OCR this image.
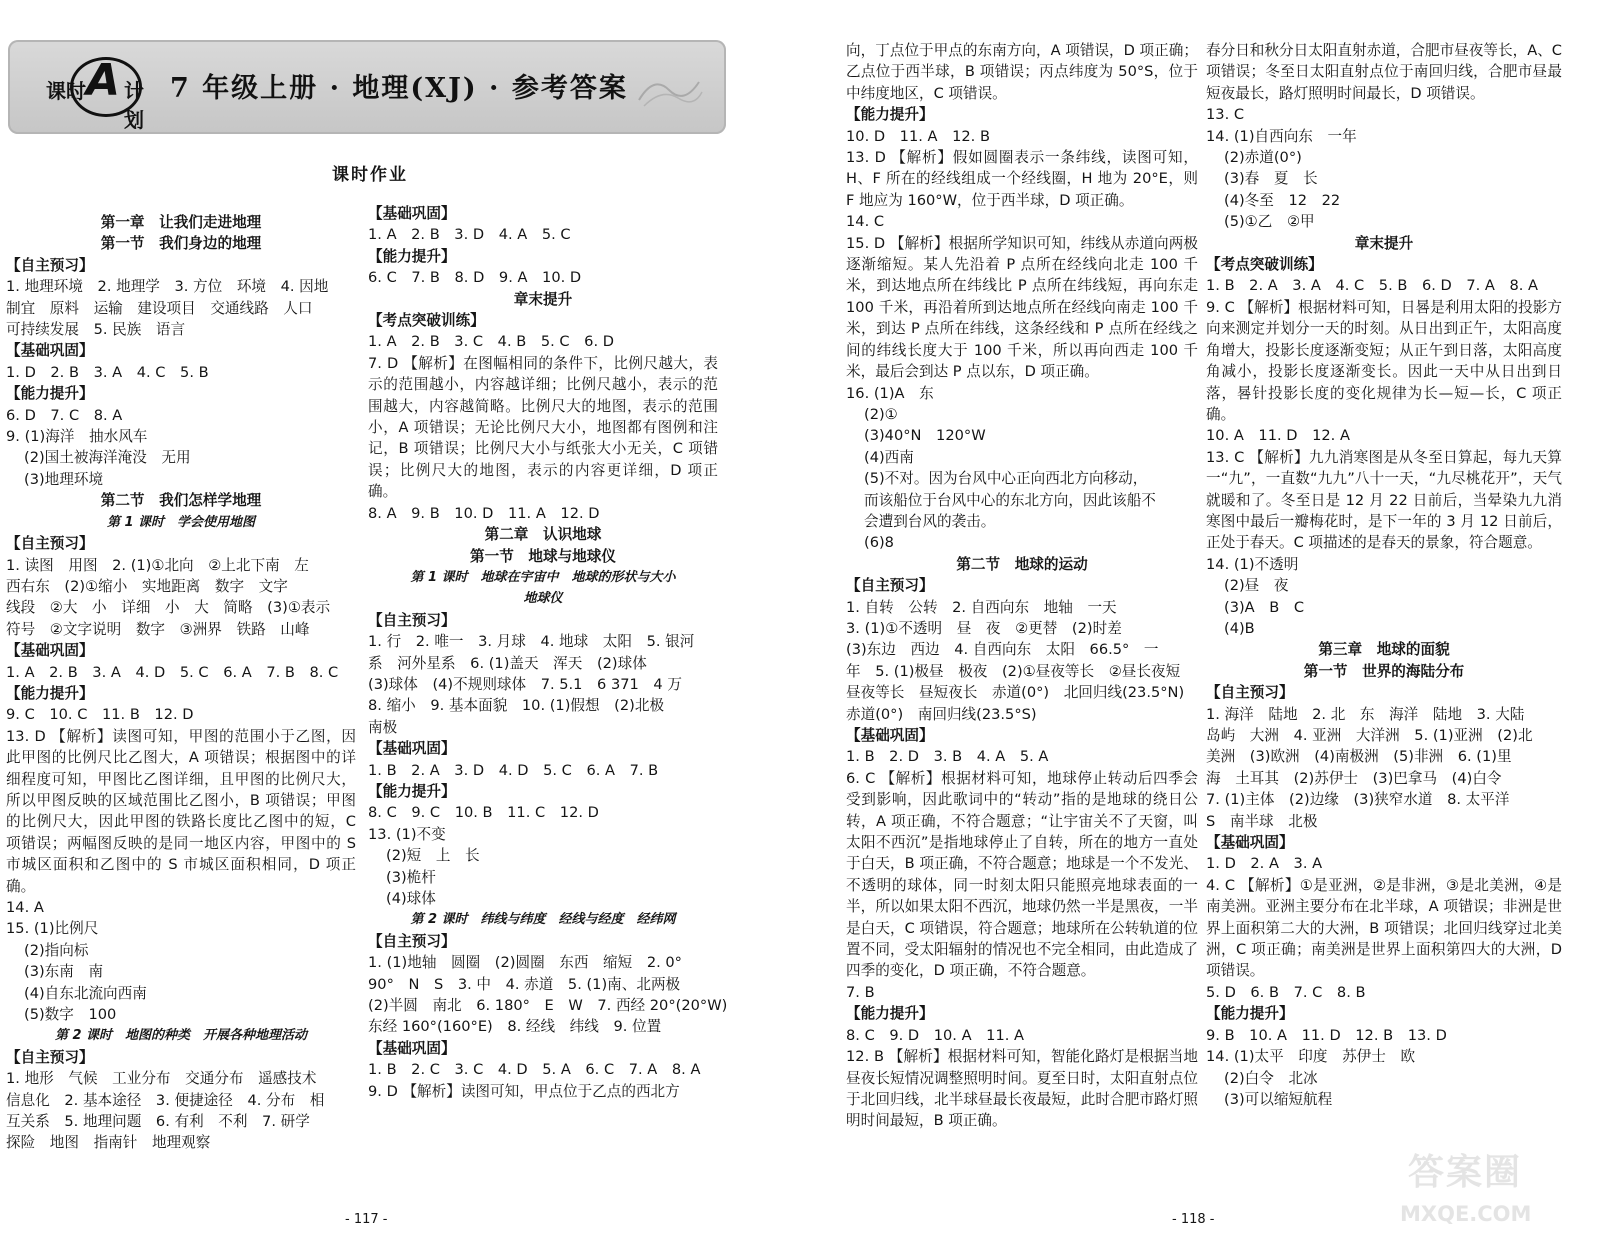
课时 A 计划
7 年级上册 · 地理(XJ) · 参考答案
课时作业

第一章　让我们走进地理

第一节　我们身边的地理

【自主预习】

1. 地理环境　2. 地理学　3. 方位　环境　4. 因地

制宜　原料　运输　建设项目　交通线路　人口

可持续发展　5. 民族　语言

【基础巩固】

1. D　2. B　3. A　4. C　5. B

【能力提升】

6. D　7. C　8. A

9. (1)海洋　抽水风车

(2)国土被海洋淹没　无用

(3)地理环境

第二节　我们怎样学地理

第 1 课时　学会使用地图

【自主预习】

1. 读图　用图　2. (1)①北向　②上北下南　左

西右东　(2)①缩小　实地距离　数字　文字

线段　②大　小　详细　小　大　简略　(3)①表示

符号　②文字说明　数字　③洲界　铁路　山峰

【基础巩固】

1. A　2. B　3. A　4. D　5. C　6. A　7. B　8. C

【能力提升】

9. C　10. C　11. B　12. D

13. D 【解析】读图可知，甲图的范围小于乙图，因此甲图的比例尺比乙图大，A 项错误；根据图中的详细程度可知，甲图比乙图详细，且甲图的比例尺大，所以甲图反映的区域范围比乙图小，B 项错误；甲图的比例尺大，因此甲图的铁路长度比乙图中的短，C 项错误；两幅图反映的是同一地区内容，甲图中的 S 市城区面积和乙图中的 S 市城区面积相同，D 项正确。

14. A

15. (1)比例尺

(2)指向标

(3)东南　南

(4)自东北流向西南

(5)数字　100

第 2 课时　地图的种类　开展各种地理活动

【自主预习】

1. 地形　气候　工业分布　交通分布　遥感技术

信息化　2. 基本途径　3. 便捷途径　4. 分布　相

互关系　5. 地理问题　6. 有利　不利　7. 研学

探险　地图　指南针　地理观察

【基础巩固】

1. A　2. B　3. D　4. A　5. C

【能力提升】

6. C　7. B　8. D　9. A　10. D

章末提升

【考点突破训练】

1. A　2. B　3. C　4. B　5. C　6. D

7. D 【解析】在图幅相同的条件下，比例尺越大，表示的范围越小，内容越详细；比例尺越小，表示的范围越大，内容越简略。比例尺大的地图，表示的范围小，A 项错误；无论比例尺大小，地图都有图例和注记，B 项错误；比例尺大小与纸张大小无关，C 项错误；比例尺大的地图，表示的内容更详细，D 项正确。

8. A　9. B　10. D　11. A　12. D

第二章　认识地球

第一节　地球与地球仪

第 1 课时　地球在宇宙中　地球的形状与大小

地球仪

【自主预习】

1. 行　2. 唯一　3. 月球　4. 地球　太阳　5. 银河

系　河外星系　6. (1)盖天　浑天　(2)球体

(3)球体　(4)不规则球体　7. 5.1　6 371　4 万

8. 缩小　9. 基本面貌　10. (1)假想　(2)北极

南极

【基础巩固】

1. B　2. A　3. D　4. D　5. C　6. A　7. B

【能力提升】

8. C　9. C　10. B　11. C　12. D

13. (1)不变

(2)短　上　长

(3)桅杆

(4)球体

第 2 课时　纬线与纬度　经线与经度　经纬网

【自主预习】

1. (1)地轴　圆圈　(2)圆圈　东西　缩短　2. 0°

90°　N　S　3. 中　4. 赤道　5. (1)南、北两极

(2)半圆　南北　6. 180°　E　W　7. 西经 20°(20°W)

东经 160°(160°E)　8. 经线　纬线　9. 位置

【基础巩固】

1. B　2. C　3. C　4. D　5. A　6. C　7. A　8. A

9. D 【解析】读图可知，甲点位于乙点的西北方

- 117 -

向，丁点位于甲点的东南方向，A 项错误，D 项正确；乙点位于西半球，B 项错误；丙点纬度为 50°S，位于中纬度地区，C 项错误。

【能力提升】

10. D　11. A　12. B

13. D 【解析】假如圆圈表示一条纬线，读图可知，H、F 所在的经线组成一个经线圈，H 地为 20°E，则 F 地应为 160°W，位于西半球，D 项正确。

14. C

15. D 【解析】根据所学知识可知，纬线从赤道向两极逐渐缩短。某人先沿着 P 点所在经线向北走 100 千米，到达地点所在纬线比 P 点所在纬线短，再向东走 100 千米，再沿着所到达地点所在经线向南走 100 千米，到达 P 点所在纬线，这条经线和 P 点所在经线之间的纬线长度大于 100 千米，所以再向西走 100 千米，最后会到达 P 点以东，D 项正确。

16. (1)A　东

(2)①

(3)40°N　120°W

(4)西南

(5)不对。因为台风中心正向西北方向移动，

而该船位于台风中心的东北方向，因此该船不

会遭到台风的袭击。

(6)8

第二节　地球的运动

【自主预习】

1. 自转　公转　2. 自西向东　地轴　一天

3. (1)①不透明　昼　夜　②更替　(2)时差

(3)东边　西边　4. 自西向东　太阳　66.5°　一

年　5. (1)极昼　极夜　(2)①昼夜等长　②昼长夜短

昼夜等长　昼短夜长　赤道(0°)　北回归线(23.5°N)

赤道(0°)　南回归线(23.5°S)

【基础巩固】

1. B　2. D　3. B　4. A　5. A

6. C 【解析】根据材料可知，地球停止转动后四季会受到影响，因此歌词中的“转动”指的是地球的绕日公转，A 项正确，不符合题意；“让宇宙关不了天窗，叫太阳不西沉”是指地球停止了自转，所在的地方一直处于白天，B 项正确，不符合题意；地球是一个不发光、不透明的球体，同一时刻太阳只能照亮地球表面的一半，所以如果太阳不西沉，地球仍然一半是黑夜，一半是白天，C 项错误，符合题意；地球所在公转轨道的位置不同，受太阳辐射的情况也不完全相同，由此造成了四季的变化，D 项正确，不符合题意。

7. B

【能力提升】

8. C　9. D　10. A　11. A

12. B 【解析】根据材料可知，智能化路灯是根据当地昼夜长短情况调整照明时间。夏至日时，太阳直射点位于北回归线，北半球昼最长夜最短，此时合肥市路灯照明时间最短，B 项正确。

春分日和秋分日太阳直射赤道，合肥市昼夜等长，A、C 项错误；冬至日太阳直射点位于南回归线，合肥市昼最短夜最长，路灯照明时间最长，D 项错误。

13. C

14. (1)自西向东　一年

(2)赤道(0°)

(3)春　夏　长

(4)冬至　12　22

(5)①乙　②甲

章末提升

【考点突破训练】

1. B　2. A　3. A　4. C　5. B　6. D　7. A　8. A

9. C 【解析】根据材料可知，日晷是利用太阳的投影方向来测定并划分一天的时刻。从日出到正午，太阳高度角增大，投影长度逐渐变短；从正午到日落，太阳高度角减小，投影长度逐渐变长。因此一天中从日出到日落，晷针投影长度的变化规律为长—短—长，C 项正确。

10. A　11. D　12. A

13. C 【解析】九九消寒图是从冬至日算起，每九天算一“九”，一直数“九九”八十一天，“九尽桃花开”，天气就暖和了。冬至日是 12 月 22 日前后，当晕染九九消寒图中最后一瓣梅花时，是下一年的 3 月 12 日前后，正处于春天。C 项描述的是春天的景象，符合题意。

14. (1)不透明

(2)昼　夜

(3)A　B　C

(4)B

第三章　地球的面貌

第一节　世界的海陆分布

【自主预习】

1. 海洋　陆地　2. 北　东　海洋　陆地　3. 大陆

岛屿　大洲　4. 亚洲　大洋洲　5. (1)亚洲　(2)北

美洲　(3)欧洲　(4)南极洲　(5)非洲　6. (1)里

海　土耳其　(2)苏伊士　(3)巴拿马　(4)白令

7. (1)主体　(2)边缘　(3)狭窄水道　8. 太平洋

S　南半球　北极

【基础巩固】

1. D　2. A　3. A

4. C 【解析】①是亚洲，②是非洲，③是北美洲，④是南美洲。亚洲主要分布在北半球，A 项错误；非洲是世界上面积第二大的大洲，B 项错误；北回归线穿过北美洲，C 项正确；南美洲是世界上面积第四大的大洲，D 项错误。

5. D　6. B　7. C　8. B

【能力提升】

9. B　10. A　11. D　12. B　13. D

14. (1)太平　印度　苏伊士　欧

(2)白令　北冰

(3)可以缩短航程

- 118 -
答案圈
MXQE.COM
